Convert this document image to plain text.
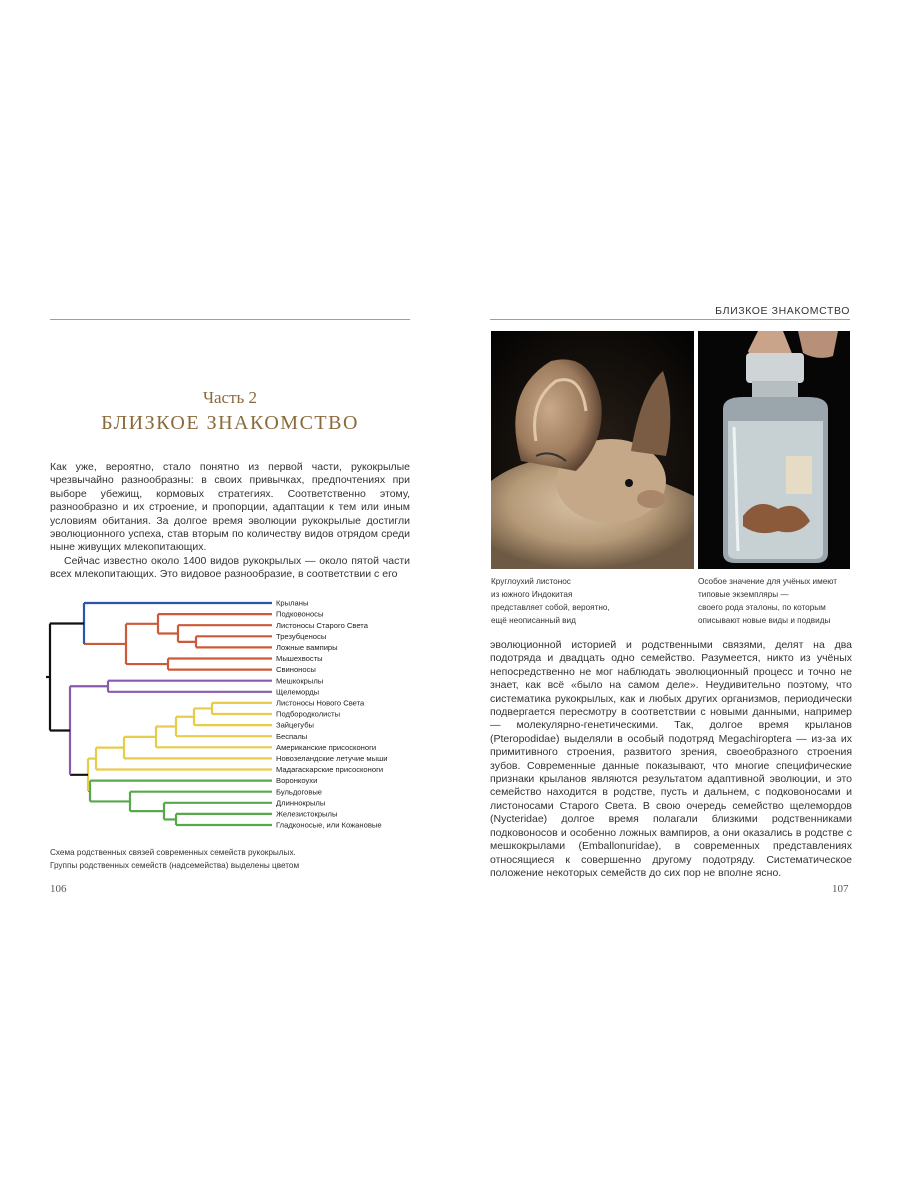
Часть 2
БЛИЗКОЕ ЗНАКОМСТВО

Как уже, вероятно, стало понятно из первой части, рукокрылые чрезвычайно разнообразны: в своих привычках, предпочтениях при выборе убежищ, кормовых стратегиях. Соответственно этому, разнообразно и их строение, и пропорции, адаптации к тем или иным условиям обитания. За долгое время эволюции рукокрылые достигли эволюционного успеха, став вторым по количеству видов отрядом среди ныне живущих млекопитающих.

Сейчас известно около 1400 видов рукокрылых — около пятой части всех млекопитающих. Это видовое разнообразие, в соответствии с его

Крыланы
Подковоносы
Листоносы Старого Света
Трезубценосы
Ложные вампиры
Мышехвосты
Свиноносы
Мешкокрылы
Щелеморды
Листоносы Нового Света
Подбородколисты
Зайцегубы
Беспалы
Американские присосконоги
Новозеландские летучие мыши
Мадагаскарские присосконоги
Воронкоухи
Бульдоговые
Длиннокрылы
Железистокрылы
Гладконосые, или Кожановые
Схема родственных связей современных семейств рукокрылых.
Группы родственных семейств (надсемейства) выделены цветом
106
БЛИЗКОЕ ЗНАКОМСТВО
Круглоухий листонос
из южного Индокитая
представляет собой, вероятно,
ещё неописанный вид
Особое значение для учёных имеют
типовые экземпляры —
своего рода эталоны, по которым
описывают новые виды и подвиды

эволюционной историей и родственными связями, делят на два подотряда и двадцать одно семейство. Разумеется, никто из учёных непосредственно не мог наблюдать эволюционный процесс и точно не знает, как всё «было на самом деле». Неудивительно поэтому, что систематика рукокрылых, как и любых других организмов, периодически подвергается пересмотру в соответствии с новыми данными, например — молекулярно-генетическими. Так, долгое время крыланов (Pteropodidae) выделяли в особый подотряд Megachiroptera — из-за их примитивного строения, развитого зрения, своеобразного строения зубов. Современные данные показывают, что многие специфические признаки крыланов являются результатом адаптивной эволюции, и это семейство находится в родстве, пусть и дальнем, с подковоносами и листоносами Старого Света. В свою очередь семейство щелемордов (Nycteridae) долгое время полагали близкими родственниками подковоносов и особенно ложных вампиров, а они оказались в родстве с мешкокрылами (Emballonuridae), в современных представлениях относящиеся к совершенно другому подотряду. Систематическое положение некоторых семейств до сих пор не вполне ясно.

107
